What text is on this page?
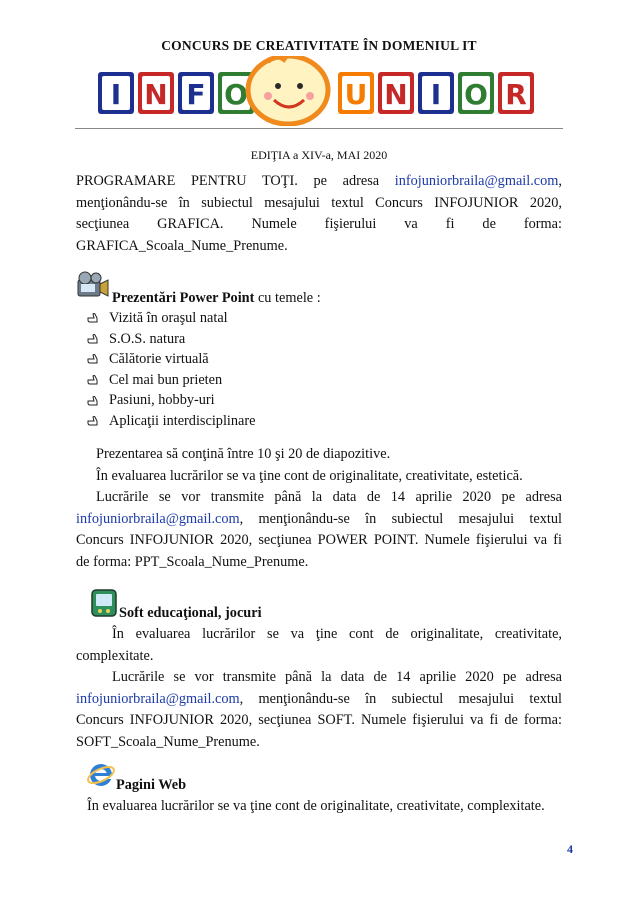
CONCURS DE CREATIVITATE ÎN DOMENIUL IT
I N F O	U N I O R
EDIŢIA a XIV-a, MAI 2020
PROGRAMARE PENTRU TOŢI. pe adresa infojuniorbraila@gmail.com,
menţionându-se în subiectul mesajului textul Concurs INFOJUNIOR 2020,
secţiunea GRAFICA. Numele fişierului va fi de forma:
GRAFICA_Scoala_Nume_Prenume.
Prezentări Power Point cu temele :
Vizită în oraşul natal
S.O.S. natura
Călătorie virtuală
Cel mai bun prieten
Pasiuni, hobby-uri
Aplicaţii interdisciplinare
Prezentarea să conţină între 10 şi 20 de diapozitive.
În evaluarea lucrărilor se va ţine cont de originalitate, creativitate, estetică.
Lucrările se vor transmite până la data de 14 aprilie 2020 pe adresa
infojuniorbraila@gmail.com, menţionându-se în subiectul mesajului textul
Concurs INFOJUNIOR 2020, secţiunea POWER POINT. Numele fişierului va fi
de forma: PPT_Scoala_Nume_Prenume.
Soft educaţional, jocuri
În evaluarea lucrărilor se va ţine cont de originalitate, creativitate,
complexitate.
Lucrările se vor transmite până la data de 14 aprilie 2020 pe adresa
infojuniorbraila@gmail.com, menţionându-se în subiectul mesajului textul
Concurs INFOJUNIOR 2020, secţiunea SOFT. Numele fişierului va fi de forma:
SOFT_Scoala_Nume_Prenume.
Pagini Web
În evaluarea lucrărilor se va ţine cont de originalitate, creativitate, complexitate.
4
